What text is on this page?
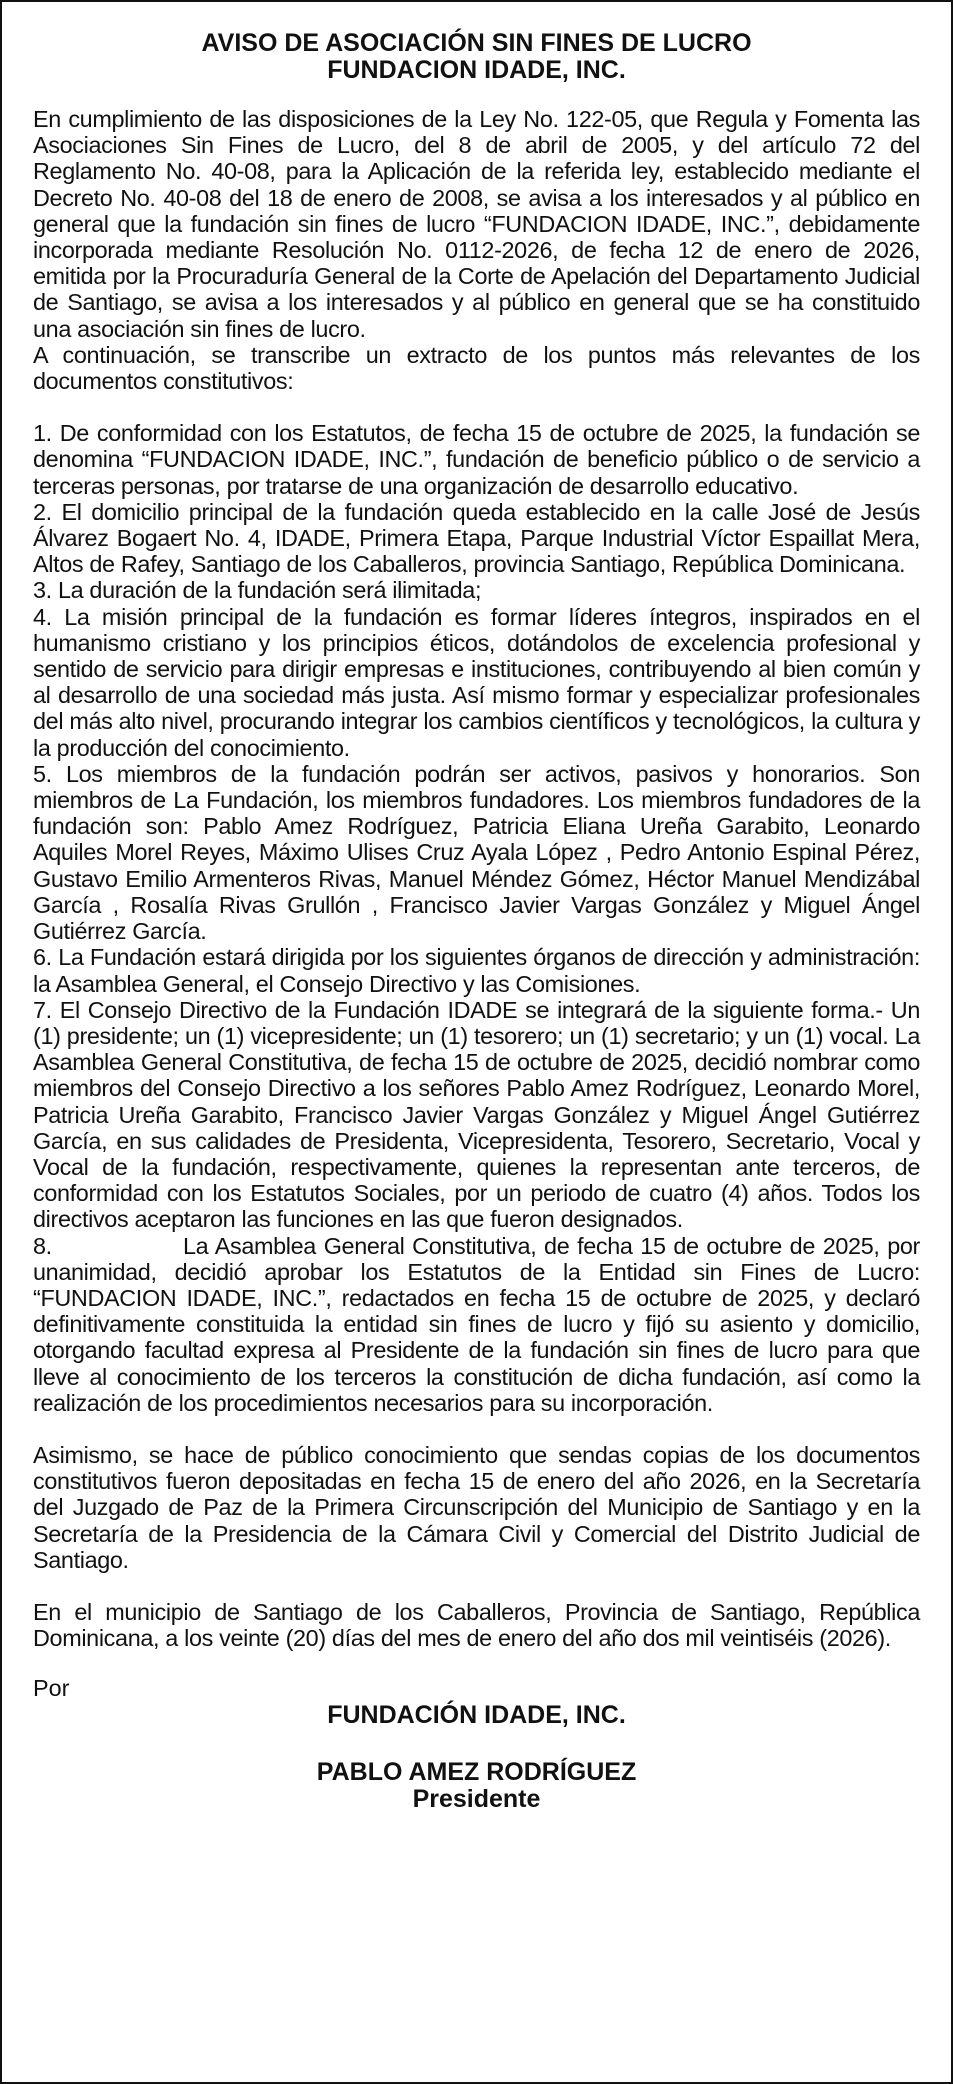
AVISO DE ASOCIACIÓN SIN FINES DE LUCRO
FUNDACION IDADE, INC.

En cumplimiento de las disposiciones de la Ley No. 122-05, que Regula y Fomenta las Asociaciones Sin Fines de Lucro, del 8 de abril de 2005, y del artículo 72 del Reglamento No. 40-08, para la Aplicación de la referida ley, establecido mediante el Decreto No. 40-08 del 18 de enero de 2008, se avisa a los interesados y al público en general que la fundación sin fines de lucro “FUNDACION IDADE, INC.”, debidamente incorporada mediante Resolución No. 0112-2026, de fecha 12 de enero de 2026, emitida por la Procuraduría General de la Corte de Apelación del Departamento Judicial de Santiago, se avisa a los interesados y al público en general que se ha constituido una asociación sin fines de lucro.

A continuación, se transcribe un extracto de los puntos más relevantes de los documentos constitutivos:

1. De conformidad con los Estatutos, de fecha 15 de octubre de 2025, la fundación se denomina “FUNDACION IDADE, INC.”, fundación de beneficio público o de servicio a terceras personas, por tratarse de una organización de desarrollo educativo.

2. El domicilio principal de la fundación queda establecido en la calle José de Jesús Álvarez Bogaert No. 4, IDADE, Primera Etapa, Parque Industrial Víctor Espaillat Mera, Altos de Rafey, Santiago de los Caballeros, provincia Santiago, República Dominicana.

3. La duración de la fundación será ilimitada;

4. La misión principal de la fundación es formar líderes íntegros, inspirados en el humanismo cristiano y los principios éticos, dotándolos de excelencia profesional y sentido de servicio para dirigir empresas e instituciones, contribuyendo al bien común y al desarrollo de una sociedad más justa. Así mismo formar y especializar profesionales del más alto nivel, procurando integrar los cambios científicos y tecnológicos, la cultura y la producción del conocimiento.

5. Los miembros de la fundación podrán ser activos, pasivos y honorarios. Son miembros de La Fundación, los miembros fundadores. Los miembros fundadores de la fundación son: Pablo Amez Rodríguez, Patricia Eliana Ureña Garabito, Leonardo Aquiles Morel Reyes, Máximo Ulises Cruz Ayala López , Pedro Antonio Espinal Pérez, Gustavo Emilio Armenteros Rivas, Manuel Méndez Gómez, Héctor Manuel Mendizábal García , Rosalía Rivas Grullón , Francisco Javier Vargas González y Miguel Ángel Gutiérrez García.

6. La Fundación estará dirigida por los siguientes órganos de dirección y administración: la Asamblea General, el Consejo Directivo y las Comisiones.

7. El Consejo Directivo de la Fundación IDADE se integrará de la siguiente forma.- Un (1) presidente; un (1) vicepresidente; un (1) tesorero; un (1) secretario; y un (1) vocal. La Asamblea General Constitutiva, de fecha 15 de octubre de 2025, decidió nombrar como miembros del Consejo Directivo a los señores Pablo Amez Rodríguez, Leonardo Morel, Patricia Ureña Garabito, Francisco Javier Vargas González y Miguel Ángel Gutiérrez García, en sus calidades de Presidenta, Vicepresidenta, Tesorero, Secretario, Vocal y Vocal de la fundación, respectivamente, quienes la representan ante terceros, de conformidad con los Estatutos Sociales, por un periodo de cuatro (4) años. Todos los directivos aceptaron las funciones en las que fueron designados.

8.	La Asamblea General Constitutiva, de fecha 15 de octubre de 2025, por unanimidad, decidió aprobar los Estatutos de la Entidad sin Fines de Lucro: “FUNDACION IDADE, INC.”, redactados en fecha 15 de octubre de 2025, y declaró definitivamente constituida la entidad sin fines de lucro y fijó su asiento y domicilio, otorgando facultad expresa al Presidente de la fundación sin fines de lucro para que lleve al conocimiento de los terceros la constitución de dicha fundación, así como la realización de los procedimientos necesarios para su incorporación.

Asimismo, se hace de público conocimiento que sendas copias de los documentos constitutivos fueron depositadas en fecha 15 de enero del año 2026, en la Secretaría del Juzgado de Paz de la Primera Circunscripción del Municipio de Santiago y en la Secretaría de la Presidencia de la Cámara Civil y Comercial del Distrito Judicial de Santiago.

En el municipio de Santiago de los Caballeros, Provincia de Santiago, República Dominicana, a los veinte (20) días del mes de enero del año dos mil veintiséis (2026).

Por
FUNDACIÓN IDADE, INC.
PABLO AMEZ RODRÍGUEZ
Presidente
